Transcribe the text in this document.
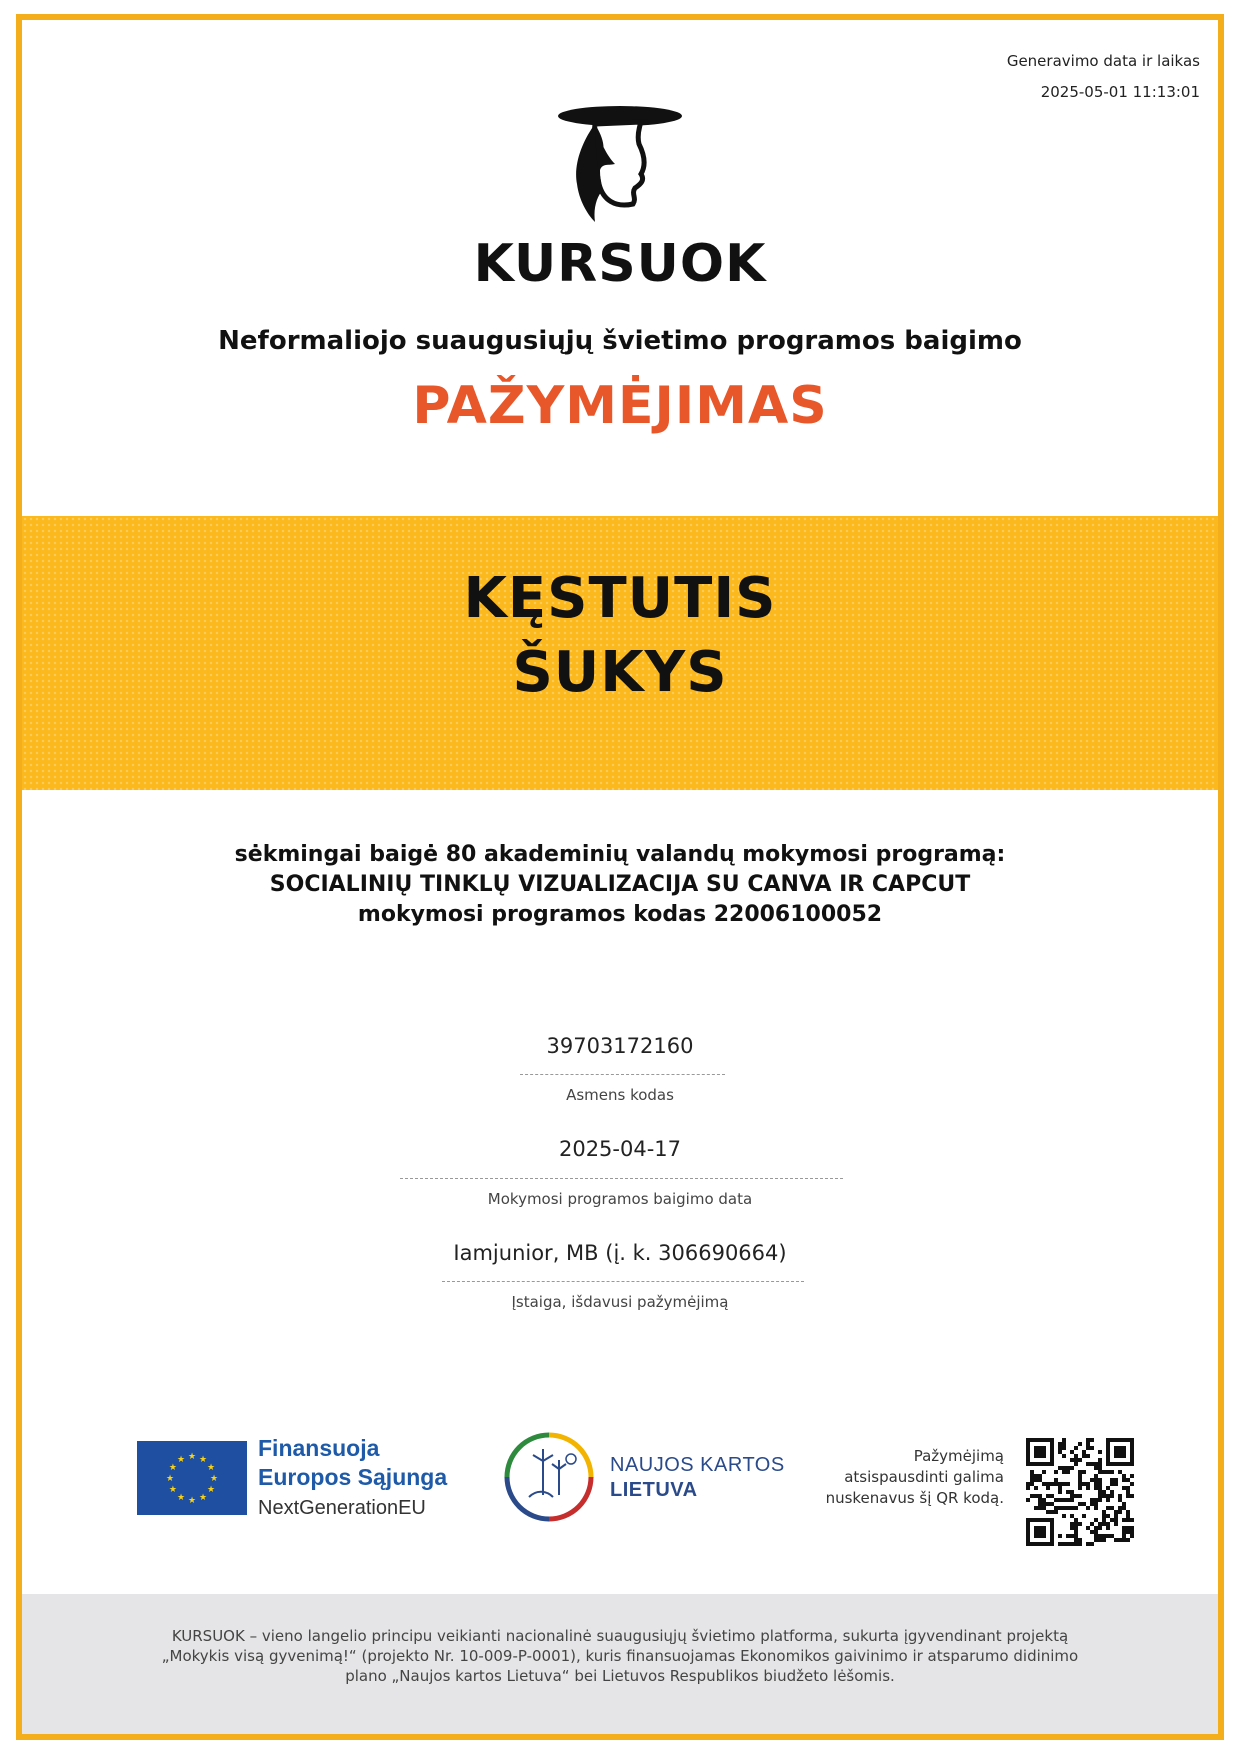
Generavimo data ir laikas
2025-05-01 11:13:01
KURSUOK
Neformaliojo suaugusiųjų švietimo programos baigimo
PAŽYMĖJIMAS
KĘSTUTIS
ŠUKYS
sėkmingai baigė 80 akademinių valandų mokymosi programą:
SOCIALINIŲ TINKLŲ VIZUALIZACIJA SU CANVA IR CAPCUT
mokymosi programos kodas 22006100052
39703172160
Asmens kodas
2025-04-17
Mokymosi programos baigimo data
Iamjunior, MB (į. k. 306690664)
Įstaiga, išdavusi pažymėjimą
★ ★
★
★
★
★
★
★
★
★
★
★	Finansuoja
Europos Sąjunga
NextGenerationEU
NAUJOS KARTOS
LIETUVA
Pažymėjimą
atsispausdinti galima
nuskenavus šį QR kodą.
KURSUOK – vieno langelio principu veikianti nacionalinė suaugusiųjų švietimo platforma, sukurta įgyvendinant projektą
„Mokykis visą gyvenimą!“ (projekto Nr. 10-009-P-0001), kuris finansuojamas Ekonomikos gaivinimo ir atsparumo didinimo
plano „Naujos kartos Lietuva“ bei Lietuvos Respublikos biudžeto lėšomis.
